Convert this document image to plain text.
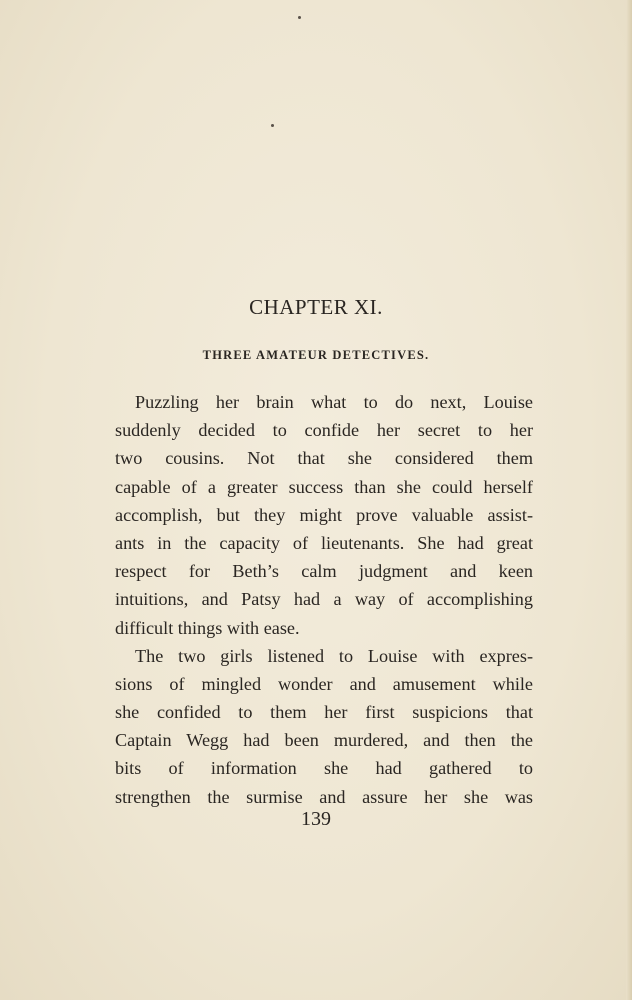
CHAPTER XI.
THREE AMATEUR DETECTIVES.
Puzzling her brain what to do next, Louise
suddenly decided to confide her secret to her
two cousins. Not that she considered them
capable of a greater success than she could herself
accomplish, but they might prove valuable assist-
ants in the capacity of lieutenants. She had great
respect for Beth’s calm judgment and keen
intuitions, and Patsy had a way of accomplishing
difficult things with ease.
The two girls listened to Louise with expres-
sions of mingled wonder and amusement while
she confided to them her first suspicions that
Captain Wegg had been murdered, and then the
bits of information she had gathered to
strengthen the surmise and assure her she was
139
